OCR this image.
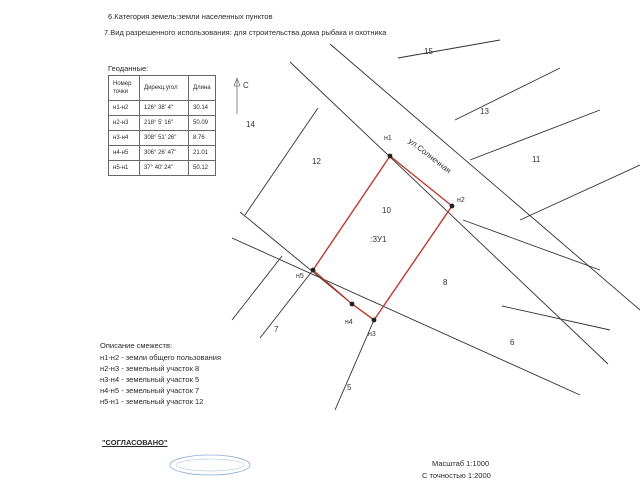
6.Категория земель:земли населенных пунктов
7.Вид разрешенного использования: для строительства дома рыбака и охотника
С
ул.Солнечная
15
13
11
14
12
10
8
7
6
5
:ЗУ1
н1
н2
н3
н4
н5
Геоданные:
Номер точки	Дирекц.угол	Длина
н1-н2	126° 38' 4"	30.14
н2-н3	218° 5' 16"	50.09
н3-н4	308° 51' 26"	8.76
н4-н5	306° 26' 47"	21.01
н5-н1	37° 40' 24"	50.12
Описание смежеств:
н1-н2 - земли общего пользования
н2-н3 - земельный участок 8
н3-н4 - земельный участок 5
н4-н5 - земельный участок 7
н5-н1 - земельный участок 12
"СОГЛАСОВАНО"
Масштаб 1:1000
С точностью 1:2000
